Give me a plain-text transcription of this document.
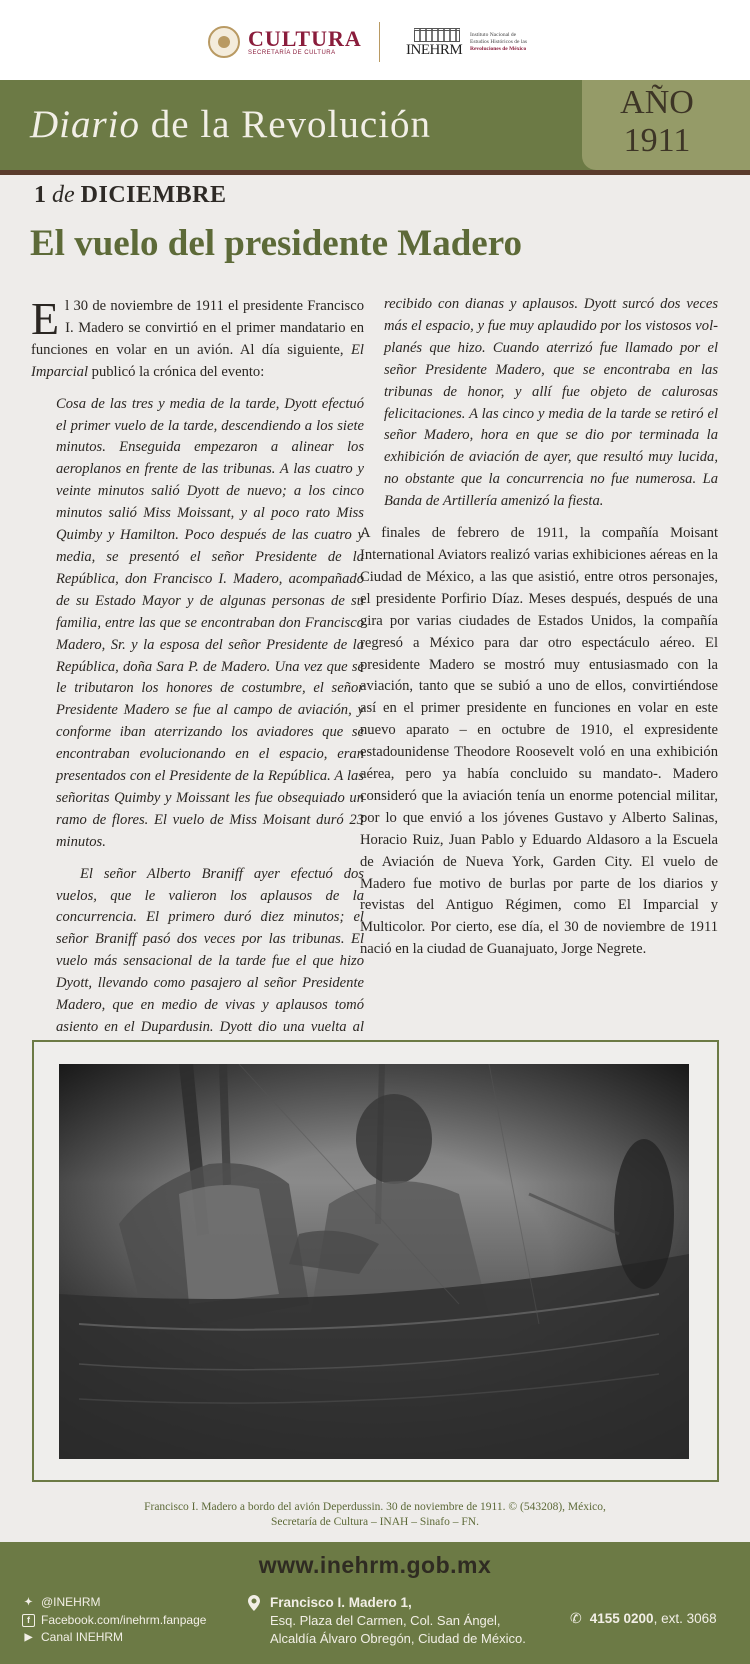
CULTURA
SECRETARÍA DE CULTURA	INEHRM
Instituto Nacional de
Estudios Históricos de las
Revoluciones de México
Diario de la Revolución
AÑO
1911
1 de DICIEMBRE
El vuelo del presidente Madero

El 30 de noviembre de 1911 el presidente Francisco I. Madero se convirtió en el primer mandatario en funciones en volar en un avión. Al día siguiente, El Imparcial publicó la crónica del evento:

Cosa de las tres y media de la tarde, Dyott efectuó el primer vuelo de la tarde, descendiendo a los siete minutos. Enseguida empezaron a alinear los aeroplanos en frente de las tribunas. A las cuatro y veinte minutos salió Dyott de nuevo; a los cinco minutos salió Miss Moissant, y al poco rato Miss Quimby y Hamilton. Poco después de las cuatro y media, se presentó el señor Presidente de la República, don Francisco I. Madero, acompañado de su Estado Mayor y de algunas personas de su familia, entre las que se encontraban don Francisco Madero, Sr. y la esposa del señor Presidente de la República, doña Sara P. de Madero. Una vez que se le tributaron los honores de costumbre, el señor Presidente Madero se fue al campo de aviación, y conforme iban aterrizando los aviadores que se encontraban evolucionando en el espacio, eran presentados con el Presidente de la República. A las señoritas Quimby y Moissant les fue obsequiado un ramo de flores. El vuelo de Miss Moisant duró 23 minutos.

El señor Alberto Braniff ayer efectuó dos vuelos, que le valieron los aplausos de la concurrencia. El primero duró diez minutos; el señor Braniff pasó dos veces por las tribunas. El vuelo más sensacional de la tarde fue el que hizo Dyott, llevando como pasajero al señor Presidente Madero, que en medio de vivas y aplausos tomó asiento en el Dupardusin. Dyott dio una vuelta al

recibido con dianas y aplausos. Dyott surcó dos veces más el espacio, y fue muy aplaudido por los vistosos vol-planés que hizo. Cuando aterrizó fue llamado por el señor Presidente Madero, que se encontraba en las tribunas de honor, y allí fue objeto de calurosas felicitaciones. A las cinco y media de la tarde se retiró el señor Madero, hora en que se dio por terminada la exhibición de aviación de ayer, que resultó muy lucida, no obstante que la concurrencia no fue numerosa. La Banda de Artillería amenizó la fiesta.

A finales de febrero de 1911, la compañía Moisant International Aviators realizó varias exhibiciones aéreas en la Ciudad de México, a las que asistió, entre otros personajes, el presidente Porfirio Díaz. Meses después, después de una gira por varias ciudades de Estados Unidos, la compañía regresó a México para dar otro espectáculo aéreo. El presidente Madero se mostró muy entusiasmado con la aviación, tanto que se subió a uno de ellos, convirtiéndose así en el primer presidente en funciones en volar en este nuevo aparato – en octubre de 1910, el expresidente estadounidense Theodore Roosevelt voló en una exhibición aérea, pero ya había concluido su mandato-. Madero consideró que la aviación tenía un enorme potencial militar, por lo que envió a los jóvenes Gustavo y Alberto Salinas, Horacio Ruiz, Juan Pablo y Eduardo Aldasoro a la Escuela de Aviación de Nueva York, Garden City. El vuelo de Madero fue motivo de burlas por parte de los diarios y revistas del Antiguo Régimen, como El Imparcial y Multicolor. Por cierto, ese día, el 30 de noviembre de 1911 nació en la ciudad de Guanajuato, Jorge Negrete.

Francisco I. Madero a bordo del avión Deperdussin. 30 de noviembre de 1911. © (543208), México,
Secretaría de Cultura – INAH – Sinafo – FN.
www.inehrm.gob.mx
✦ @INEHRM
f Facebook.com/inehrm.fanpage
▶ Canal INEHRM
Francisco I. Madero 1,
Esq. Plaza del Carmen, Col. San Ángel,
Alcaldía Álvaro Obregón, Ciudad de México.
✆ 4155 0200, ext. 3068
